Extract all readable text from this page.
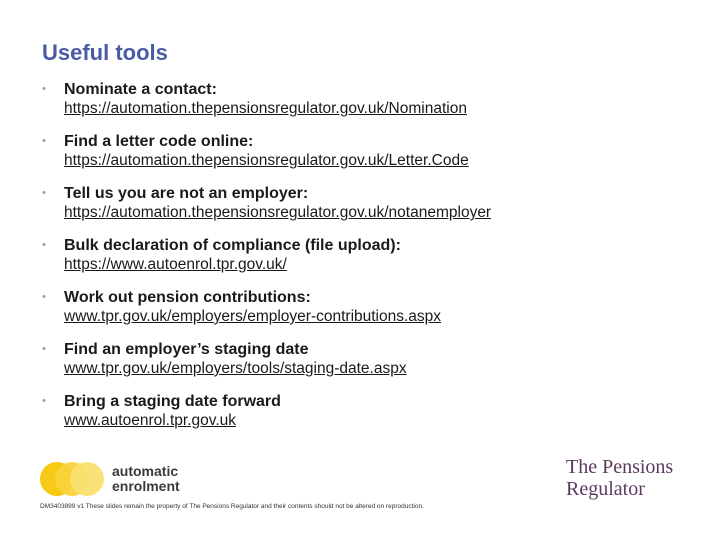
Useful tools
• Nominate a contact:
https://automation.thepensionsregulator.gov.uk/Nomination
• Find a letter code online:
https://automation.thepensionsregulator.gov.uk/Letter.Code
• Tell us you are not an employer:
https://automation.thepensionsregulator.gov.uk/notanemployer
• Bulk declaration of compliance (file upload):
https://www.autoenrol.tpr.gov.uk/
• Work out pension contributions:
www.tpr.gov.uk/employers/employer-contributions.aspx
• Find an employer’s staging date
www.tpr.gov.uk/employers/tools/staging-date.aspx
• Bring a staging date forward
www.autoenrol.tpr.gov.uk
automatic
enrolment
The Pensions
Regulator
DM3403899 v1 These slides remain the property of The Pensions Regulator and their contents should not be altered on reproduction.
